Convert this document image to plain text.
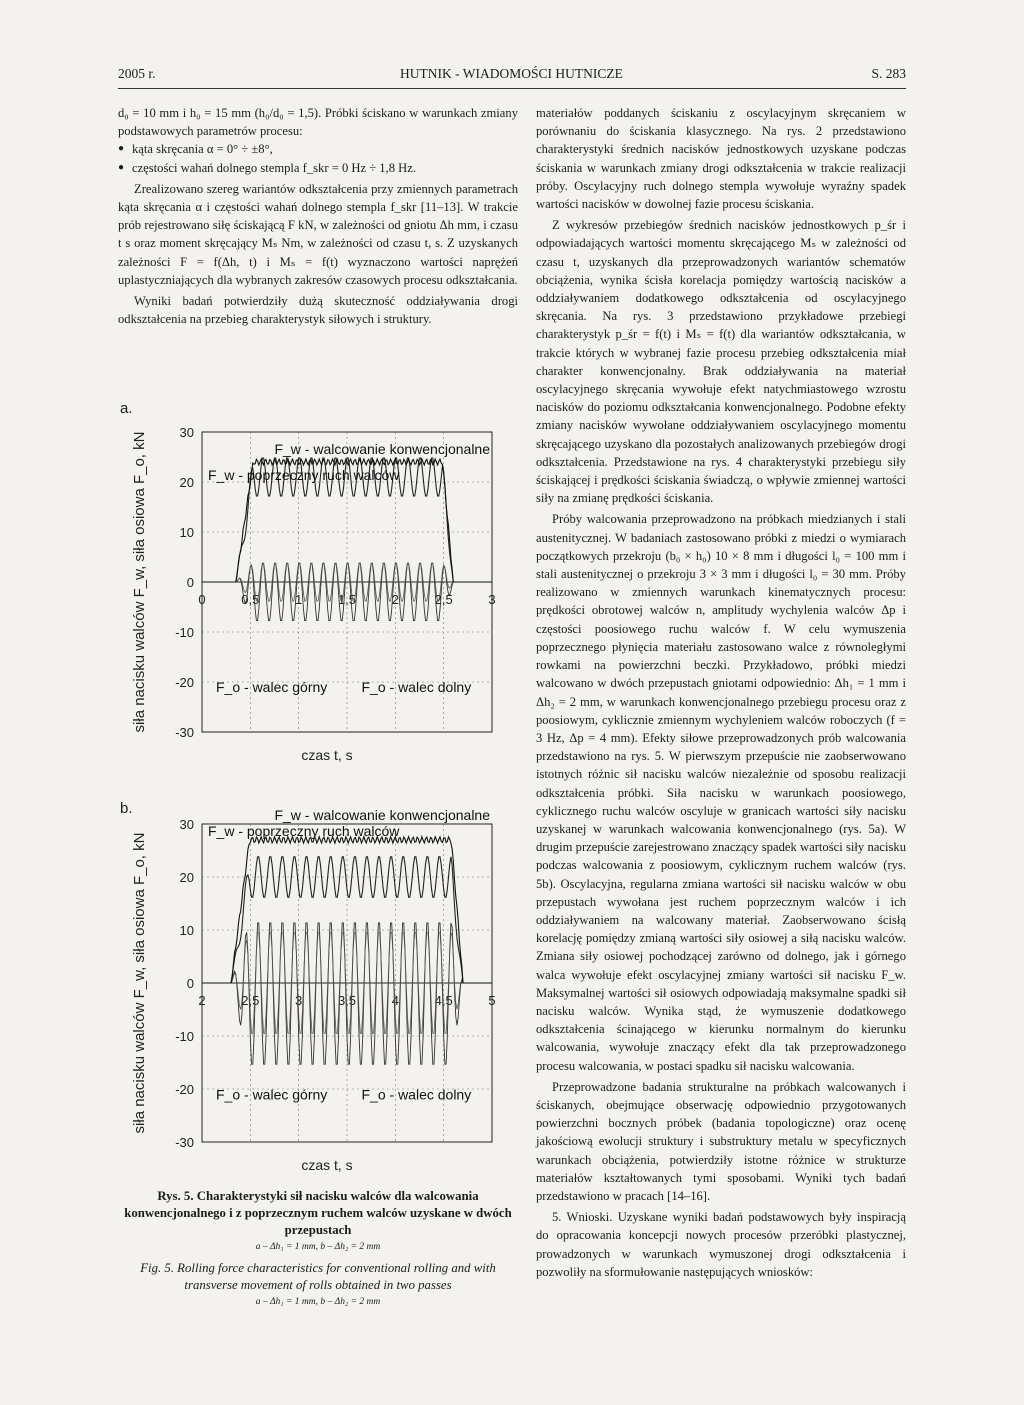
2005 r.	HUTNIK - WIADOMOŚCI HUTNICZE	S. 283

d₀ = 10 mm i h₀ = 15 mm (h₀/d₀ = 1,5). Próbki ściskano w warunkach zmiany podstawowych parametrów procesu:

● kąta skręcania α = 0° ÷ ±8°,

● częstości wahań dolnego stempla f_skr = 0 Hz ÷ 1,8 Hz.

Zrealizowano szereg wariantów odkształcenia przy zmiennych parametrach kąta skręcania α i częstości wahań dolnego stempla f_skr [11–13]. W trakcie prób rejestrowano siłę ściskającą F kN, w zależności od gniotu Δh mm, i czasu t s oraz moment skręcający Mₛ Nm, w zależności od czasu t, s. Z uzyskanych zależności F = f(Δh, t) i Mₛ = f(t) wyznaczono wartości naprężeń uplastyczniających dla wybranych zakresów czasowych procesu odkształcania.

Wyniki badań potwierdziły dużą skuteczność oddziaływania drogi odkształcenia na przebieg charakterystyk siłowych i struktury.

a.
30
20
10
0
-10
-20
-30
0	0,5	1	1,5	2	2,5	3
siła nacisku walców F_w, siła osiowa F_o, kN
czas t, s
F_w - walcowanie konwencjonalne
F_w - poprzeczny ruch walców
F_o - walec górny F_o - walec dolny
b.
30
20
10
0
-10
-20
-30
2	2,5	3	3,5	4	4,5	5
siła nacisku walców F_w, siła osiowa F_o, kN
czas t, s
F_w - walcowanie konwencjonalne
F_w - poprzeczny ruch walców
F_o - walec górny F_o - walec dolny
Rys. 5. Charakterystyki sił nacisku walców dla walcowania konwencjonalnego i z poprzecznym ruchem walców uzyskane w dwóch przepustach
a – Δh₁ = 1 mm, b – Δh₂ = 2 mm
Fig. 5. Rolling force characteristics for conventional rolling and with transverse movement of rolls obtained in two passes
a – Δh₁ = 1 mm, b – Δh₂ = 2 mm

materiałów poddanych ściskaniu z oscylacyjnym skręcaniem w porównaniu do ściskania klasycznego. Na rys. 2 przedstawiono charakterystyki średnich nacisków jednostkowych uzyskane podczas ściskania w warunkach zmiany drogi odkształcenia w trakcie realizacji próby. Oscylacyjny ruch dolnego stempla wywołuje wyraźny spadek wartości nacisków w dowolnej fazie procesu ściskania.

Z wykresów przebiegów średnich nacisków jednostkowych p_śr i odpowiadających wartości momentu skręcającego Mₛ w zależności od czasu t, uzyskanych dla przeprowadzonych wariantów schematów obciążenia, wynika ścisła korelacja pomiędzy wartością nacisków a oddziaływaniem dodatkowego odkształcenia od oscylacyjnego skręcania. Na rys. 3 przedstawiono przykładowe przebiegi charakterystyk p_śr = f(t) i Mₛ = f(t) dla wariantów odkształcania, w trakcie których w wybranej fazie procesu przebieg odkształcenia miał charakter konwencjonalny. Brak oddziaływania na materiał oscylacyjnego skręcania wywołuje efekt natychmiastowego wzrostu nacisków do poziomu odkształcania konwencjonalnego. Podobne efekty zmiany nacisków wywołane oddziaływaniem oscylacyjnego momentu skręcającego uzyskano dla pozostałych analizowanych przebiegów drogi odkształcenia. Przedstawione na rys. 4 charakterystyki przebiegu siły ściskającej i prędkości ściskania świadczą, o wpływie zmiennej wartości siły na zmianę prędkości ściskania.

Próby walcowania przeprowadzono na próbkach miedzianych i stali austenitycznej. W badaniach zastosowano próbki z miedzi o wymiarach początkowych przekroju (b₀ × h₀) 10 × 8 mm i długości l₀ = 100 mm i stali austenitycznej o przekroju 3 × 3 mm i długości l₀ = 30 mm. Próby realizowano w zmiennych warunkach kinematycznych procesu: prędkości obrotowej walców n, amplitudy wychylenia walców Δp i częstości poosiowego ruchu walców f. W celu wymuszenia poprzecznego płynięcia materiału zastosowano walce z równoległymi rowkami na powierzchni beczki. Przykładowo, próbki miedzi walcowano w dwóch przepustach gniotami odpowiednio: Δh₁ = 1 mm i Δh₂ = 2 mm, w warunkach konwencjonalnego przebiegu procesu oraz z poosiowym, cyklicznie zmiennym wychyleniem walców roboczych (f = 3 Hz, Δp = 4 mm). Efekty siłowe przeprowadzonych prób walcowania przedstawiono na rys. 5. W pierwszym przepuście nie zaobserwowano istotnych różnic sił nacisku walców niezależnie od sposobu realizacji odkształcenia próbki. Siła nacisku w warunkach poosiowego, cyklicznego ruchu walców oscyluje w granicach wartości siły nacisku uzyskanej w warunkach walcowania konwencjonalnego (rys. 5a). W drugim przepuście zarejestrowano znaczący spadek wartości siły nacisku podczas walcowania z poosiowym, cyklicznym ruchem walców (rys. 5b). Oscylacyjna, regularna zmiana wartości sił nacisku walców w obu przepustach wywołana jest ruchem poprzecznym walców i ich oddziaływaniem na walcowany materiał. Zaobserwowano ścisłą korelację pomiędzy zmianą wartości siły osiowej a siłą nacisku walców. Zmiana siły osiowej pochodzącej zarówno od dolnego, jak i górnego walca wywołuje efekt oscylacyjnej zmiany wartości sił nacisku F_w. Maksymalnej wartości sił osiowych odpowiadają maksymalne spadki sił nacisku walców. Wynika stąd, że wymuszenie dodatkowego odkształcenia ścinającego w kierunku normalnym do kierunku walcowania, wywołuje znaczący efekt dla tak przeprowadzonego procesu walcowania, w postaci spadku sił nacisku walcowania.

Przeprowadzone badania strukturalne na próbkach walcowanych i ściskanych, obejmujące obserwację odpowiednio przygotowanych powierzchni bocznych próbek (badania topologiczne) oraz ocenę jakościową ewolucji struktury i substruktury metalu w specyficznych warunkach obciążenia, potwierdziły istotne różnice w strukturze materiałów kształtowanych tymi sposobami. Wyniki tych badań przedstawiono w pracach [14–16].

5. Wnioski. Uzyskane wyniki badań podstawowych były inspiracją do opracowania koncepcji nowych procesów przeróbki plastycznej, prowadzonych w warunkach wymuszonej drogi odkształcenia i pozwoliły na sformułowanie następujących wniosków:
